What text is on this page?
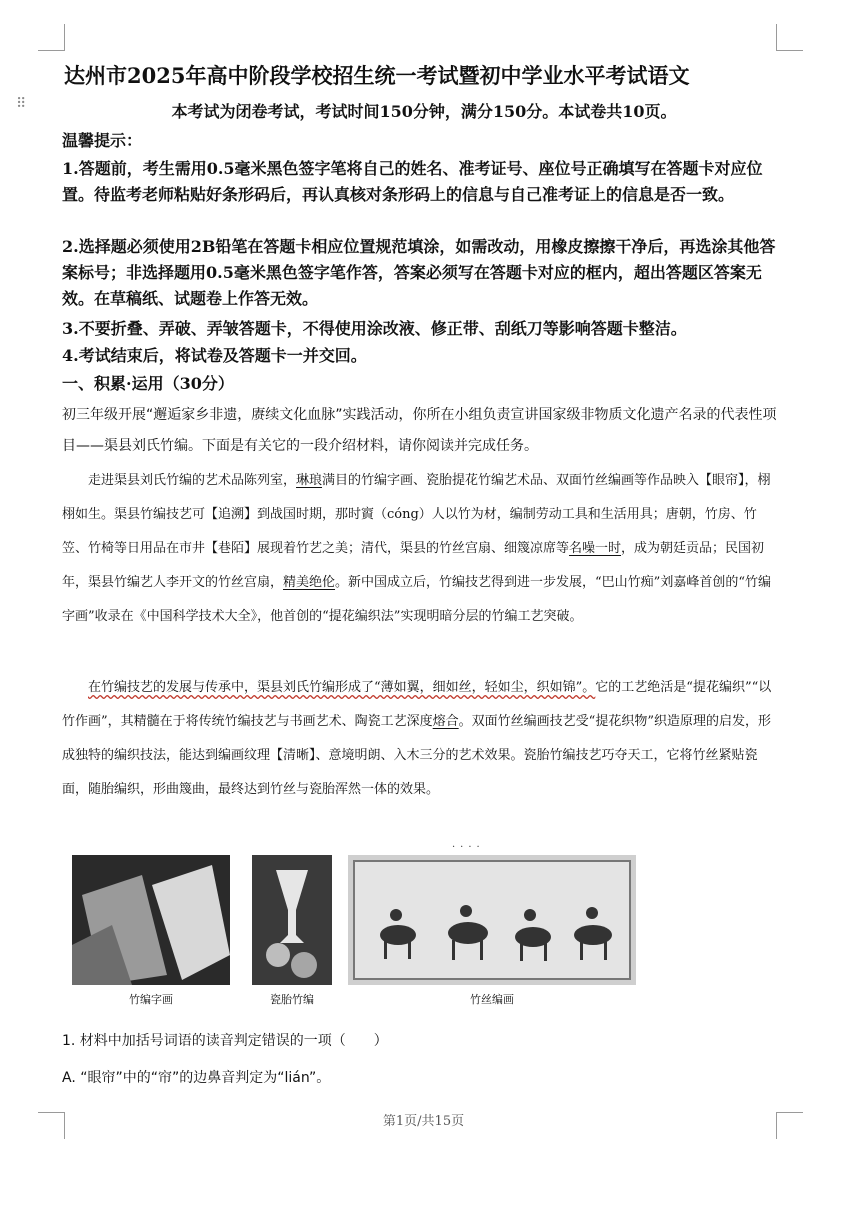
⠿
达州市2025年高中阶段学校招生统一考试暨初中学业水平考试语文
本考试为闭卷考试，考试时间150分钟，满分150分。本试卷共10页。
温馨提示：
1.答题前，考生需用0.5毫米黑色签字笔将自己的姓名、准考证号、座位号正确填写在答题卡对应位置。待监考老师粘贴好条形码后，再认真核对条形码上的信息与自己准考证上的信息是否一致。
2.选择题必须使用2B铅笔在答题卡相应位置规范填涂，如需改动，用橡皮擦擦干净后，再选涂其他答案标号；非选择题用0.5毫米黑色签字笔作答，答案必须写在答题卡对应的框内，超出答题区答案无效。在草稿纸、试题卷上作答无效。
3.不要折叠、弄破、弄皱答题卡，不得使用涂改液、修正带、刮纸刀等影响答题卡整洁。
4.考试结束后，将试卷及答题卡一并交回。
一、积累·运用（30分）
初三年级开展“邂逅家乡非遗，赓续文化血脉”实践活动，你所在小组负责宣讲国家级非物质文化遗产名录的代表性项目——渠县刘氏竹编。下面是有关它的一段介绍材料，请你阅读并完成任务。
走进渠县刘氏竹编的艺术品陈列室，琳琅满目的竹编字画、瓷胎提花竹编艺术品、双面竹丝编画等作品映入【眼帘】，栩栩如生。渠县竹编技艺可【追溯】到战国时期，那时賨（cóng）人以竹为材，编制劳动工具和生活用具；唐朝，竹房、竹笠、竹椅等日用品在市井【巷陌】展现着竹艺之美；清代，渠县的竹丝宫扇、细篾凉席等名噪一时，成为朝廷贡品；民国初年，渠县竹编艺人李开文的竹丝宫扇，精美绝伦。新中国成立后，竹编技艺得到进一步发展，“巴山竹痴”刘嘉峰首创的“竹编字画”收录在《中国科学技术大全》，他首创的“提花编织法”实现明暗分层的竹编工艺突破。
在竹编技艺的发展与传承中，渠县刘氏竹编形成了“薄如翼，细如丝，轻如尘，织如锦”。它的工艺绝活是“提花编织”“以竹作画”，其精髓在于将传统竹编技艺与书画艺术、陶瓷工艺深度熔合。双面竹丝编画技艺受“提花织物”织造原理的启发，形成独特的编织技法，能达到编画纹理【清晰】、意境明朗、入木三分的艺术效果。瓷胎竹编技艺巧夺天工，它将竹丝紧贴瓷面，随胎编织，形曲篾曲，最终达到竹丝与瓷胎浑然一体的效果。
····
竹编字画	瓷胎竹编	竹丝编画
1. 材料中加括号词语的读音判定错误的一项（　　）
A. “眼帘”中的“帘”的边鼻音判定为“lián”。
第1页/共15页
